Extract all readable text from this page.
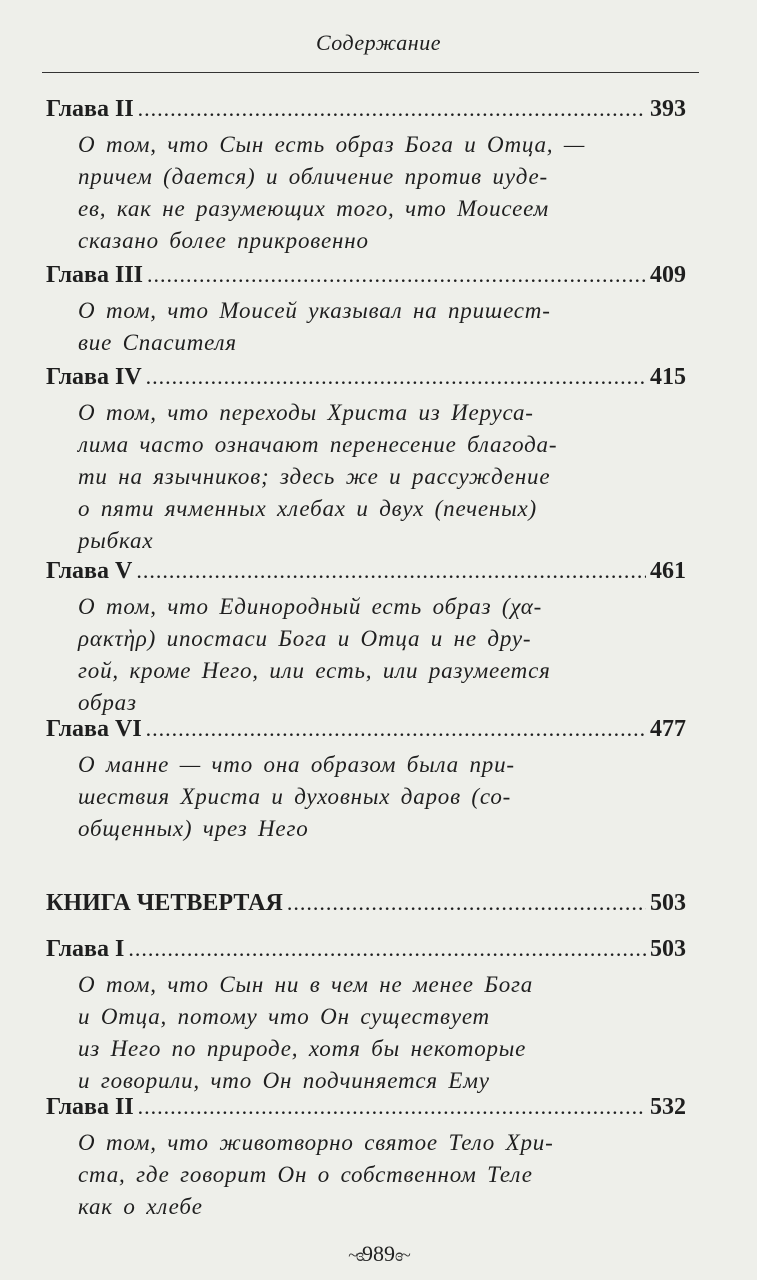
Содержание
Глава II .....	393
О том, что Сын есть образ Бога и Отца, —
причем (дается) и обличение против иуде-
ев, как не разумеющих того, что Моисеем
сказано более прикровенно
Глава III .....	409
О том, что Моисей указывал на пришест-
вие Спасителя
Глава IV .....	415
О том, что переходы Христа из Иеруса-
лима часто означают перенесение благода-
ти на язычников; здесь же и рассуждение
о пяти ячменных хлебах и двух (печеных)
рыбках
Глава V .....	461
О том, что Единородный есть образ (χα-
ρακτὴρ) ипостаси Бога и Отца и не дру-
гой, кроме Него, или есть, или разумеется
образ
Глава VI .....	477
О манне — что она образом была при-
шествия Христа и духовных даров (со-
общенных) чрез Него
КНИГА ЧЕТВЕРТАЯ .....	503
Глава I .....	503
О том, что Сын ни в чем не менее Бога
и Отца, потому что Он существует
из Него по природе, хотя бы некоторые
и говорили, что Он подчиняется Ему
Глава II .....	532
О том, что животворно святое Тело Хри-
ста, где говорит Он о собственном Теле
как о хлебе
~ɞ989ɞ~
